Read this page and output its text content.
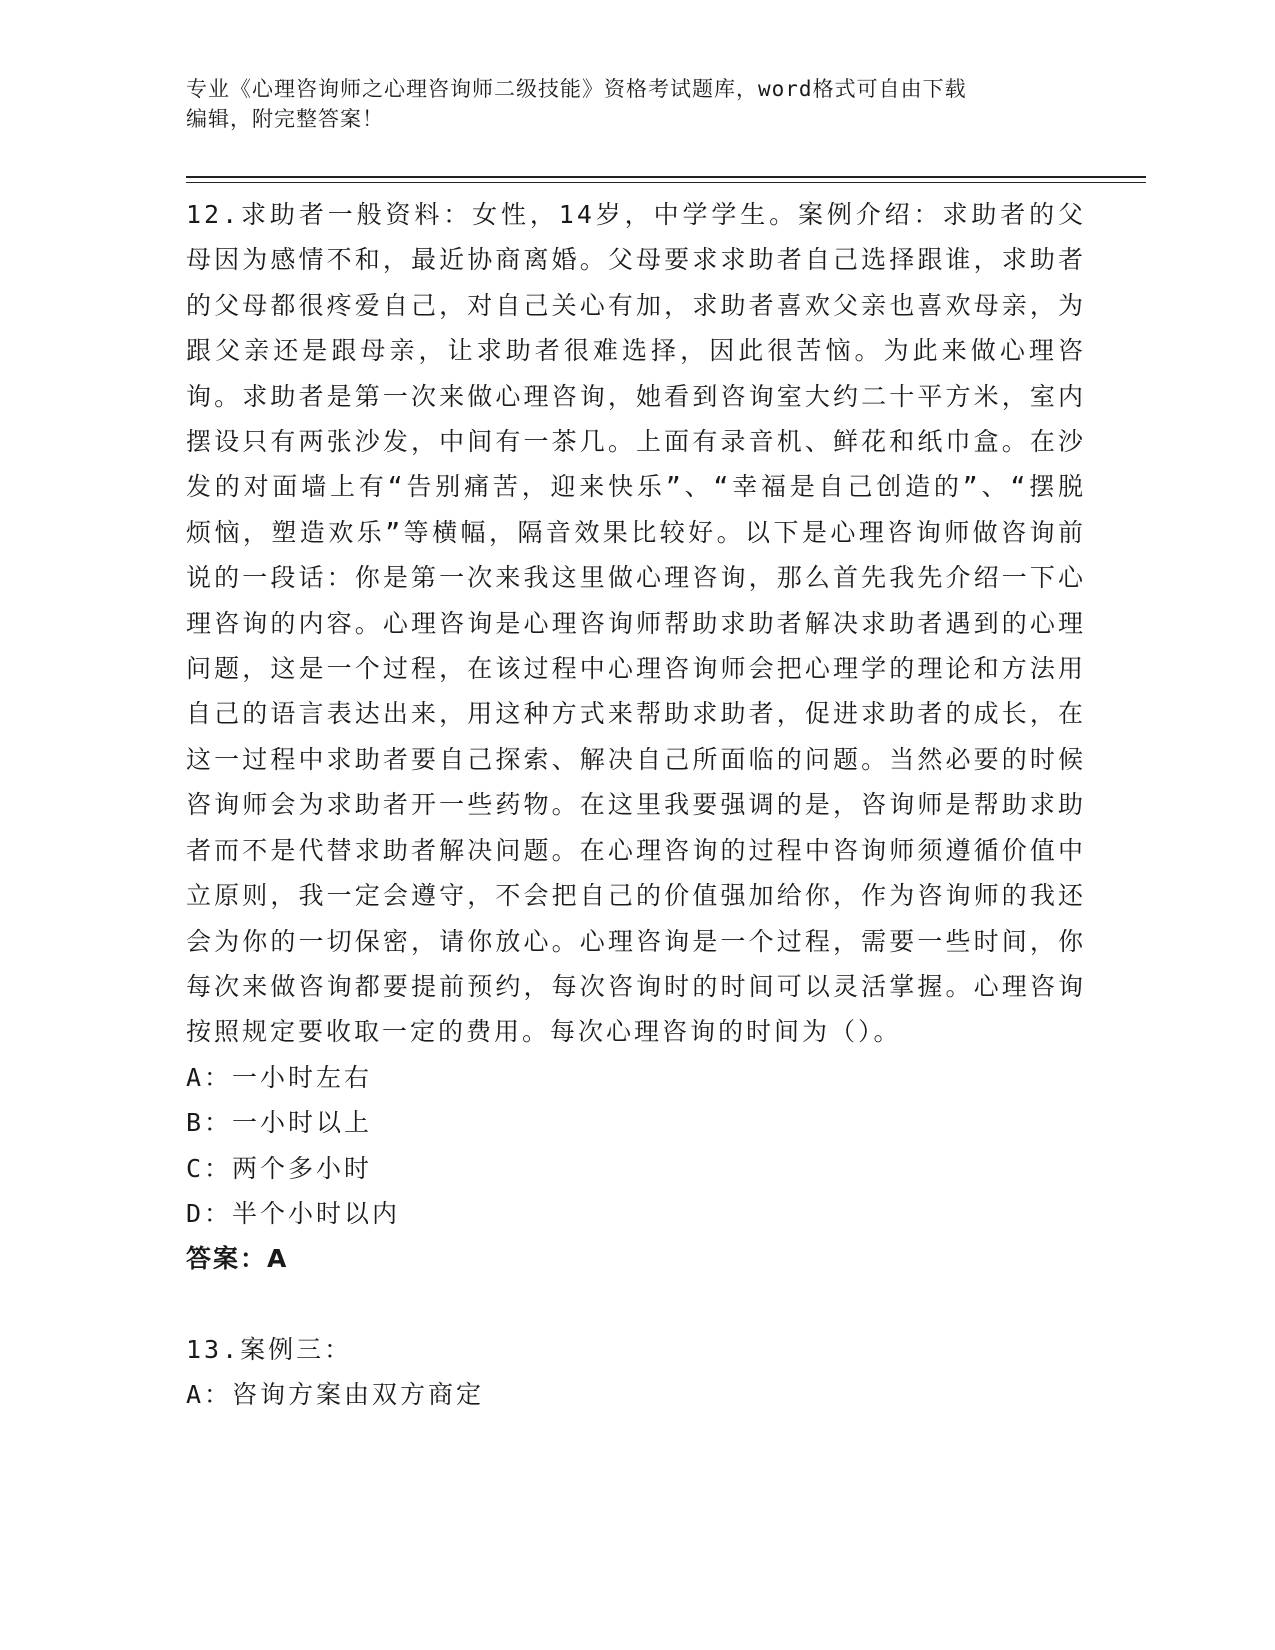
专业《心理咨询师之心理咨询师二级技能》资格考试题库，word格式可自由下载
编辑，附完整答案！

12.求助者一般资料：女性，14岁，中学学生。案例介绍：求助者的父母因为感情不和，最近协商离婚。父母要求求助者自己选择跟谁，求助者的父母都很疼爱自己，对自己关心有加，求助者喜欢父亲也喜欢母亲，为跟父亲还是跟母亲，让求助者很难选择，因此很苦恼。为此来做心理咨询。求助者是第一次来做心理咨询，她看到咨询室大约二十平方米，室内摆设只有两张沙发，中间有一茶几。上面有录音机、鲜花和纸巾盒。在沙发的对面墙上有“告别痛苦，迎来快乐”、“幸福是自己创造的”、“摆脱烦恼，塑造欢乐”等横幅，隔音效果比较好。以下是心理咨询师做咨询前说的一段话：你是第一次来我这里做心理咨询，那么首先我先介绍一下心理咨询的内容。心理咨询是心理咨询师帮助求助者解决求助者遇到的心理问题，这是一个过程，在该过程中心理咨询师会把心理学的理论和方法用自己的语言表达出来，用这种方式来帮助求助者，促进求助者的成长，在这一过程中求助者要自己探索、解决自己所面临的问题。当然必要的时候咨询师会为求助者开一些药物。在这里我要强调的是，咨询师是帮助求助者而不是代替求助者解决问题。在心理咨询的过程中咨询师须遵循价值中立原则，我一定会遵守，不会把自己的价值强加给你，作为咨询师的我还会为你的一切保密，请你放心。心理咨询是一个过程，需要一些时间，你每次来做咨询都要提前预约，每次咨询时的时间可以灵活掌握。心理咨询按照规定要收取一定的费用。每次心理咨询的时间为（）。

A：一小时左右

B：一小时以上

C：两个多小时

D：半个小时以内

答案：A

13.案例三：

A：咨询方案由双方商定
